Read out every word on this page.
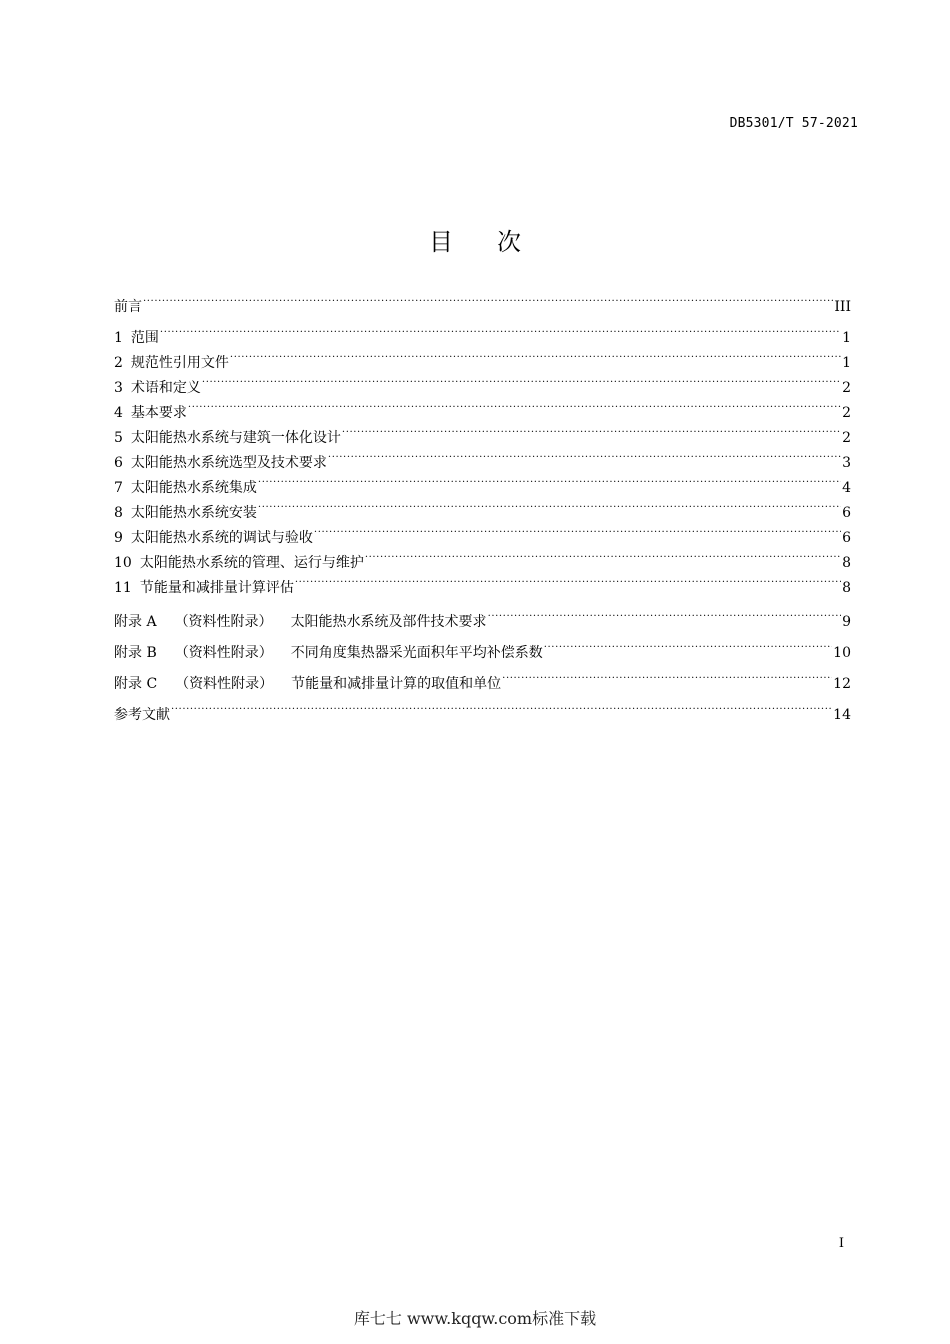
DB5301/T 57-2021
目次
前言 .....	III
1 范围 .....	1
2 规范性引用文件 .....	1
3 术语和定义 .....	2
4 基本要求 .....	2
5 太阳能热水系统与建筑一体化设计 .....	2
6 太阳能热水系统选型及技术要求 .....	3
7 太阳能热水系统集成 .....	4
8 太阳能热水系统安装 .....	6
9 太阳能热水系统的调试与验收 .....	6
10 太阳能热水系统的管理、运行与维护 .....	8
11 节能量和减排量计算评估 .....	8
附录 A （资料性附录） 太阳能热水系统及部件技术要求 .....	9
附录 B （资料性附录） 不同角度集热器采光面积年平均补偿系数 .....	10
附录 C （资料性附录） 节能量和减排量计算的取值和单位 .....	12
参考文献 .....	14
I
库七七 www.kqqw.com标准下载
